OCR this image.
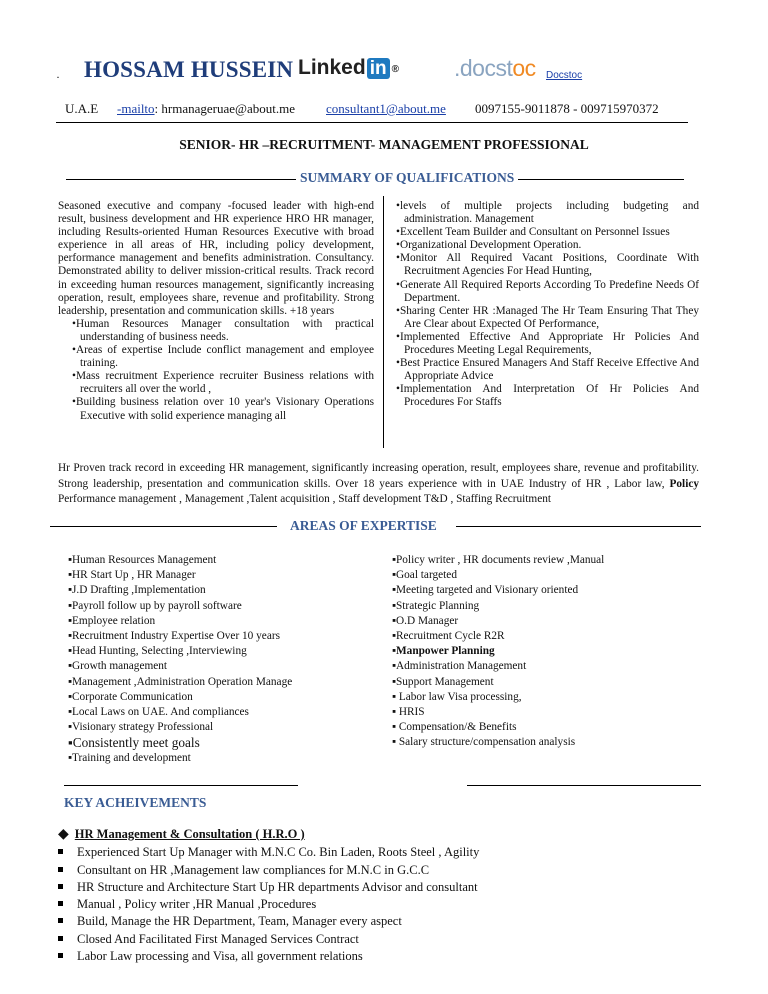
· HOSSAM HUSSEIN Linked in ® .docstoc Docstoc
U.A.E -mailto: hrmanageruae@about.me consultant1@about.me 0097155-9011878 - 009715970372
SENIOR- HR –RECRUITMENT- MANAGEMENT PROFESSIONAL
SUMMARY OF QUALIFICATIONS
Seasoned executive and company -focused leader with high-end result, business development and HR experience HRO HR manager, including Results-oriented Human Resources Executive with broad experience in all areas of HR, including policy development, performance management and benefits administration. Consultancy. Demonstrated ability to deliver mission-critical results. Track record in exceeding human resources management, significantly increasing operation, result, employees share, revenue and profitability. Strong leadership, presentation and communication skills. +18 years
•Human Resources Manager consultation with practical understanding of business needs.
•Areas of expertise Include conflict management and employee training.
•Mass recruitment Experience recruiter Business relations with recruiters all over the world ,
•Building business relation over 10 year's Visionary Operations Executive with solid experience managing all
•levels of multiple projects including budgeting and administration. Management
•Excellent Team Builder and Consultant on Personnel Issues
•Organizational Development Operation.
•Monitor All Required Vacant Positions, Coordinate With Recruitment Agencies For Head Hunting,
•Generate All Required Reports According To Predefine Needs Of Department.
•Sharing Center HR :Managed The Hr Team Ensuring That They Are Clear about Expected Of Performance,
•Implemented Effective And Appropriate Hr Policies And Procedures Meeting Legal Requirements,
•Best Practice Ensured Managers And Staff Receive Effective And Appropriate Advice
•Implementation And Interpretation Of Hr Policies And Procedures For Staffs
Hr Proven track record in exceeding HR management, significantly increasing operation, result, employees share, revenue and profitability. Strong leadership, presentation and communication skills. Over 18 years experience with in UAE Industry of HR , Labor law, Policy Performance management , Management ,Talent acquisition , Staff development T&D , Staffing Recruitment
AREAS OF EXPERTISE
▪Human Resources Management
▪HR Start Up , HR Manager
▪J.D Drafting ,Implementation
▪Payroll follow up by payroll software
▪Employee relation
▪Recruitment Industry Expertise Over 10 years
▪Head Hunting, Selecting ,Interviewing
▪Growth management
▪Management ,Administration Operation Manage
▪Corporate Communication
▪Local Laws on UAE. And compliances
▪Visionary strategy Professional
▪Consistently meet goals
▪Training and development
▪Policy writer , HR documents review ,Manual
▪Goal targeted
▪Meeting targeted and Visionary oriented
▪Strategic Planning
▪O.D Manager
▪Recruitment Cycle R2R
▪Manpower Planning
▪Administration Management
▪Support Management
▪ Labor law Visa processing,
▪ HRIS
▪ Compensation/& Benefits
▪ Salary structure/compensation analysis
KEY ACHEIVEMENTS
◆ HR Management & Consultation ( H.R.O )
Experienced Start Up Manager with M.N.C Co. Bin Laden, Roots Steel , Agility
Consultant on HR ,Management law compliances for M.N.C in G.C.C
HR Structure and Architecture Start Up HR departments Advisor and consultant
Manual , Policy writer ,HR Manual ,Procedures
Build, Manage the HR Department, Team, Manager every aspect
Closed And Facilitated First Managed Services Contract
Labor Law processing and Visa, all government relations
